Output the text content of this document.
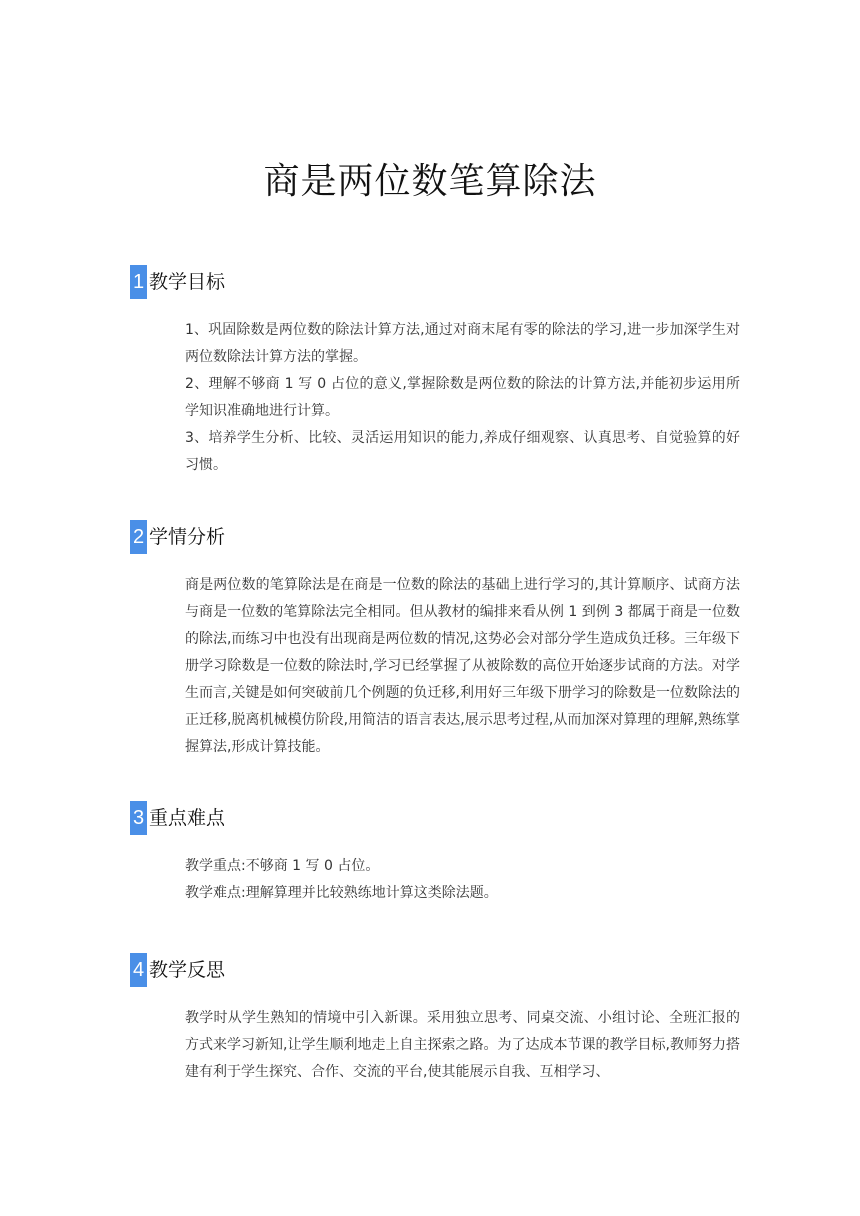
商是两位数笔算除法
1 教学目标

1、巩固除数是两位数的除法计算方法,通过对商末尾有零的除法的学习,进一步加深学生对两位数除法计算方法的掌握。

2、理解不够商 1 写 0 占位的意义,掌握除数是两位数的除法的计算方法,并能初步运用所学知识准确地进行计算。

3、培养学生分析、比较、灵活运用知识的能力,养成仔细观察、认真思考、自觉验算的好习惯。

2 学情分析

商是两位数的笔算除法是在商是一位数的除法的基础上进行学习的,其计算顺序、试商方法与商是一位数的笔算除法完全相同。但从教材的编排来看从例 1 到例 3 都属于商是一位数的除法,而练习中也没有出现商是两位数的情况,这势必会对部分学生造成负迁移。三年级下册学习除数是一位数的除法时,学习已经掌握了从被除数的高位开始逐步试商的方法。对学生而言,关键是如何突破前几个例题的负迁移,利用好三年级下册学习的除数是一位数除法的正迁移,脱离机械模仿阶段,用简洁的语言表达,展示思考过程,从而加深对算理的理解,熟练掌握算法,形成计算技能。

3 重点难点

教学重点:不够商 1 写 0 占位。

教学难点:理解算理并比较熟练地计算这类除法题。

4 教学反思

教学时从学生熟知的情境中引入新课。采用独立思考、同桌交流、小组讨论、全班汇报的方式来学习新知,让学生顺利地走上自主探索之路。为了达成本节课的教学目标,教师努力搭建有利于学生探究、合作、交流的平台,使其能展示自我、互相学习、
